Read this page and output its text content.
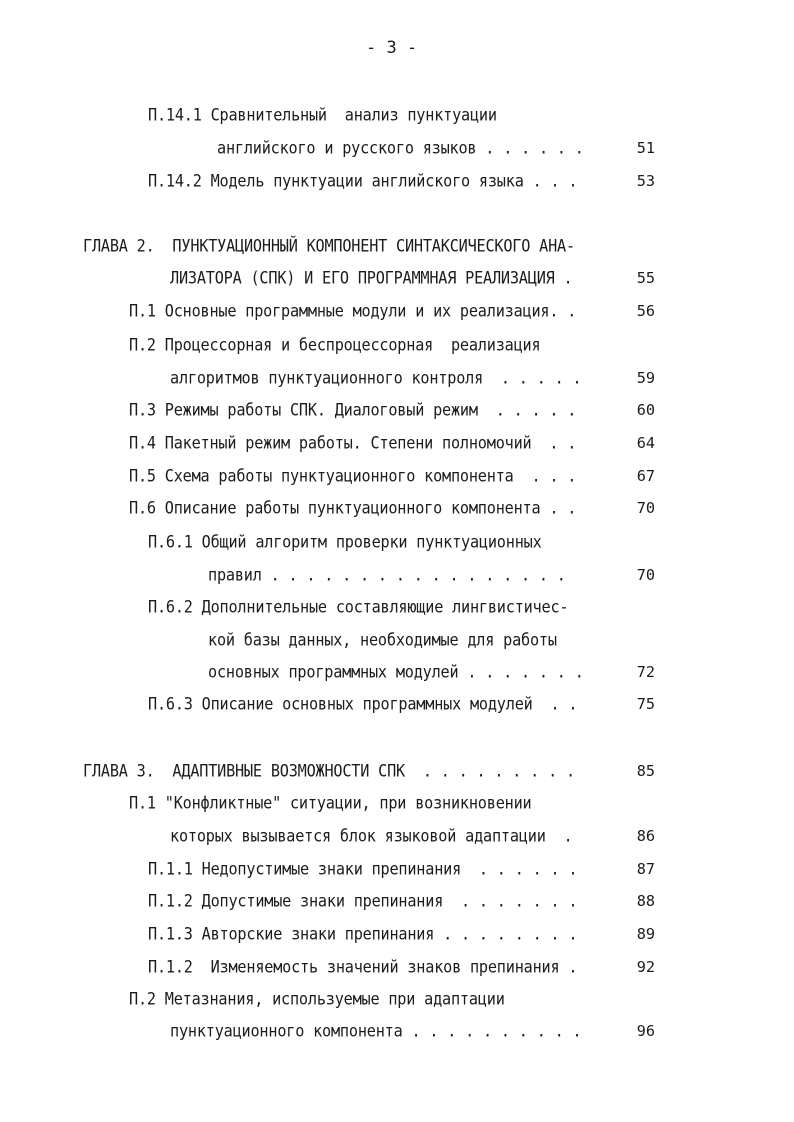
- 3 -
П.14.1 Сравнительный  анализ пунктуации
английского и русского языков . . . . . .	51
П.14.2 Модель пунктуации английского языка . . .	53
ГЛАВА 2.  ПУНКТУАЦИОННЫЙ КОМПОНЕНТ СИНТАКСИЧЕСКОГО АНА-
ЛИЗАТОРА (СПК) И ЕГО ПРОГРАММНАЯ РЕАЛИЗАЦИЯ .	55
П.1 Основные программные модули и их реализация. .	56
П.2 Процессорная и беспроцессорная  реализация
алгоритмов пунктуационного контроля  . . . . .	59
П.3 Режимы работы СПК. Диалоговый режим  . . . . .	60
П.4 Пакетный режим работы. Степени полномочий  . .	64
П.5 Схема работы пунктуационного компонента  . . .	67
П.6 Описание работы пунктуационного компонента . .	70
П.6.1 Общий алгоритм проверки пунктуационных
правил . . . . . . . . . . . . . . . . .	70
П.6.2 Дополнительные составляющие лингвистичес-
кой базы данных, необходимые для работы
основных программных модулей . . . . . . .	72
П.6.3 Описание основных программных модулей  . .	75
ГЛАВА 3.  АДАПТИВНЫЕ ВОЗМОЖНОСТИ СПК  . . . . . . . . .	85
П.1 "Конфликтные" ситуации, при возникновении
которых вызывается блок языковой адаптации  .	86
П.1.1 Недопустимые знаки препинания  . . . . . .	87
П.1.2 Допустимые знаки препинания  . . . . . . .	88
П.1.3 Авторские знаки препинания . . . . . . . .	89
П.1.2  Изменяемость значений знаков препинания .	92
П.2 Метазнания, используемые при адаптации
пунктуационного компонента . . . . . . . . . .	96
